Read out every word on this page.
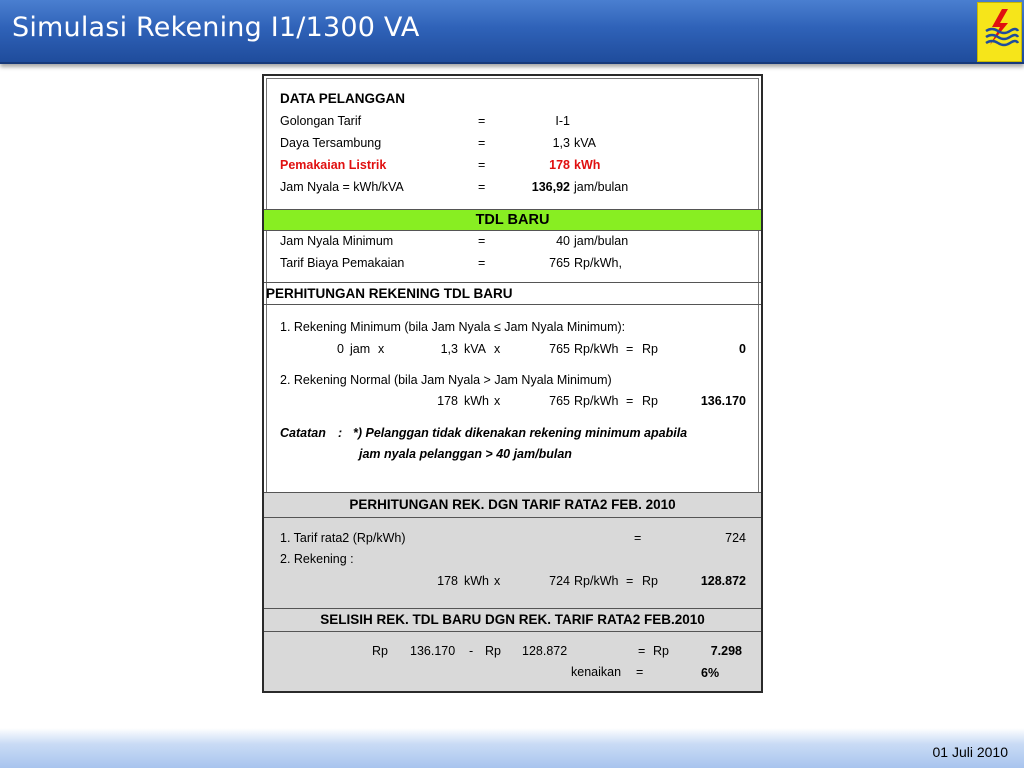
Simulasi Rekening I1/1300 VA
DATA PELANGGAN
Golongan Tarif	=	I-1
Daya Tersambung	=	1,3 kVA
Pemakaian Listrik	=	178 kWh
Jam Nyala = kWh/kVA	=	136,92 jam/bulan
TDL BARU
Jam Nyala Minimum	=	40 jam/bulan
Tarif Biaya Pemakaian	=	765 Rp/kWh,
PERHITUNGAN REKENING TDL BARU
1. Rekening Minimum (bila Jam Nyala ≤ Jam Nyala Minimum):
0 jam x	1,3 kVA x	765 Rp/kWh = Rp	0
2. Rekening Normal (bila Jam Nyala > Jam Nyala Minimum)
178 kWh x	765 Rp/kWh = Rp	136.170
Catatan : *) Pelanggan tidak dikenakan rekening minimum apabila
jam nyala pelanggan > 40 jam/bulan
PERHITUNGAN REK. DGN TARIF RATA2 FEB. 2010
1. Tarif rata2 (Rp/kWh)	=	724
2. Rekening :
178 kWh x	724 Rp/kWh = Rp	128.872
SELISIH REK. TDL BARU DGN REK. TARIF RATA2 FEB.2010
Rp 136.170 - Rp 128.872	= Rp	7.298
kenaikan =	6%
01 Juli 2010
